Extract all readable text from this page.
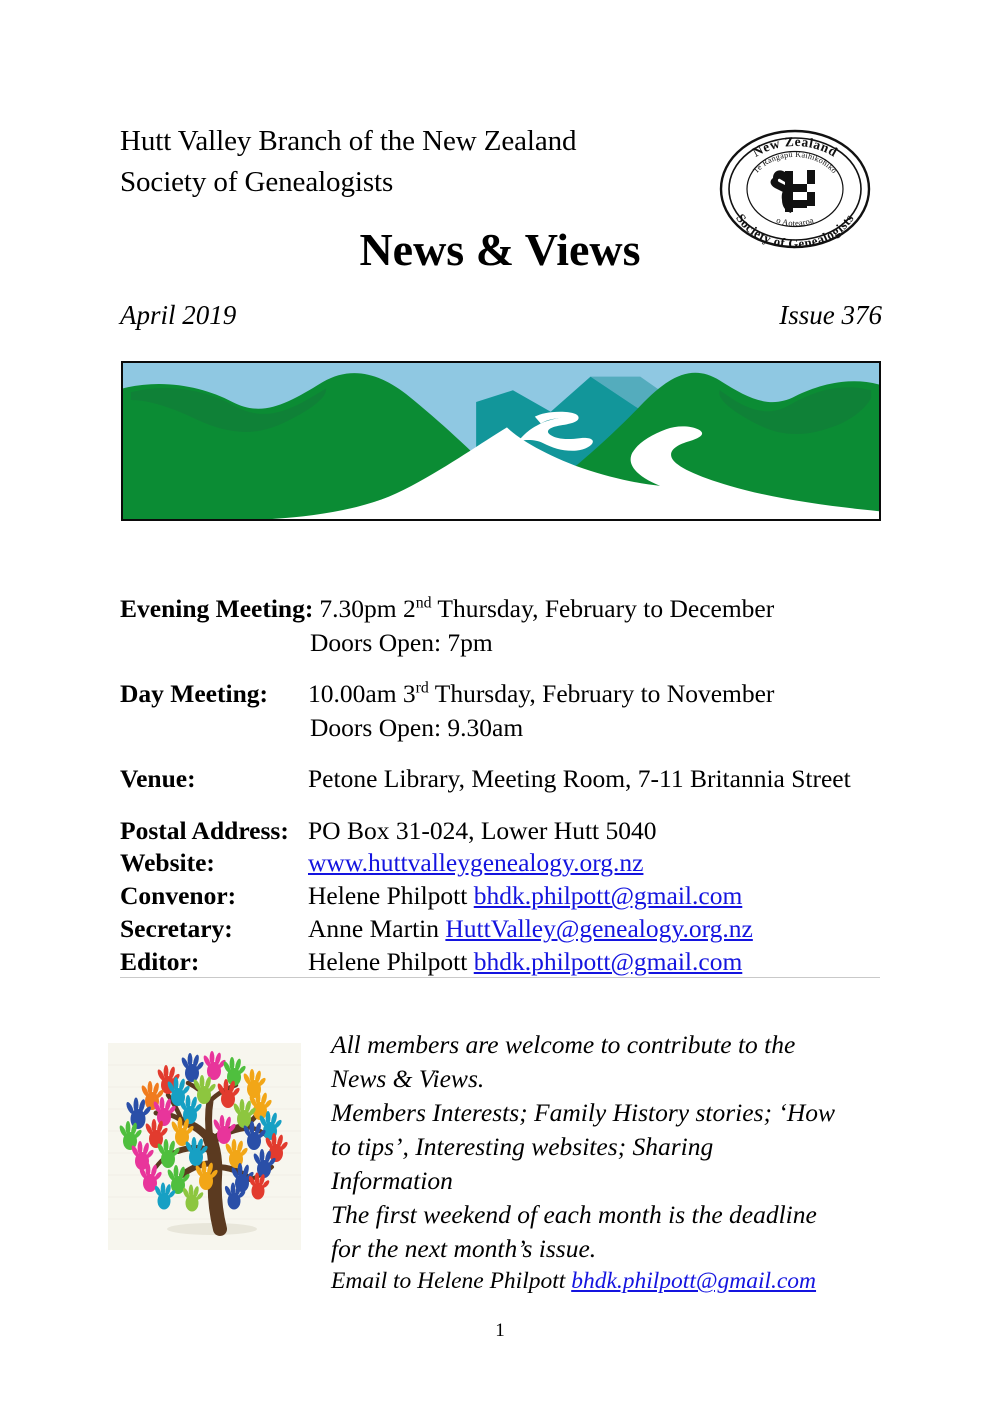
Hutt Valley Branch of the New Zealand
Society of Genealogists
New Zealand
Society of Genealogists
Te Rangapū Kaihikohiko
o Aotearoa
News & Views
April 2019	Issue 376
Evening Meeting: 7.30pm 2nd Thursday, February to December
Doors Open: 7pm
Day Meeting: 10.00am 3rd Thursday, February to November
Doors Open: 9.30am
Venue:	Petone Library, Meeting Room, 7-11 Britannia Street
Postal Address: PO Box 31-024, Lower Hutt 5040
Website:	www.huttvalleygenealogy.org.nz
Convenor:	Helene Philpott bhdk.philpott@gmail.com
Secretary:	Anne Martin HuttValley@genealogy.org.nz
Editor:	Helene Philpott bhdk.philpott@gmail.com
All members are welcome to contribute to the
News & Views.
Members Interests; Family History stories; ‘How
to tips’, Interesting websites; Sharing
Information
The first weekend of each month is the deadline
for the next month’s issue.
Email to Helene Philpott bhdk.philpott@gmail.com
1
